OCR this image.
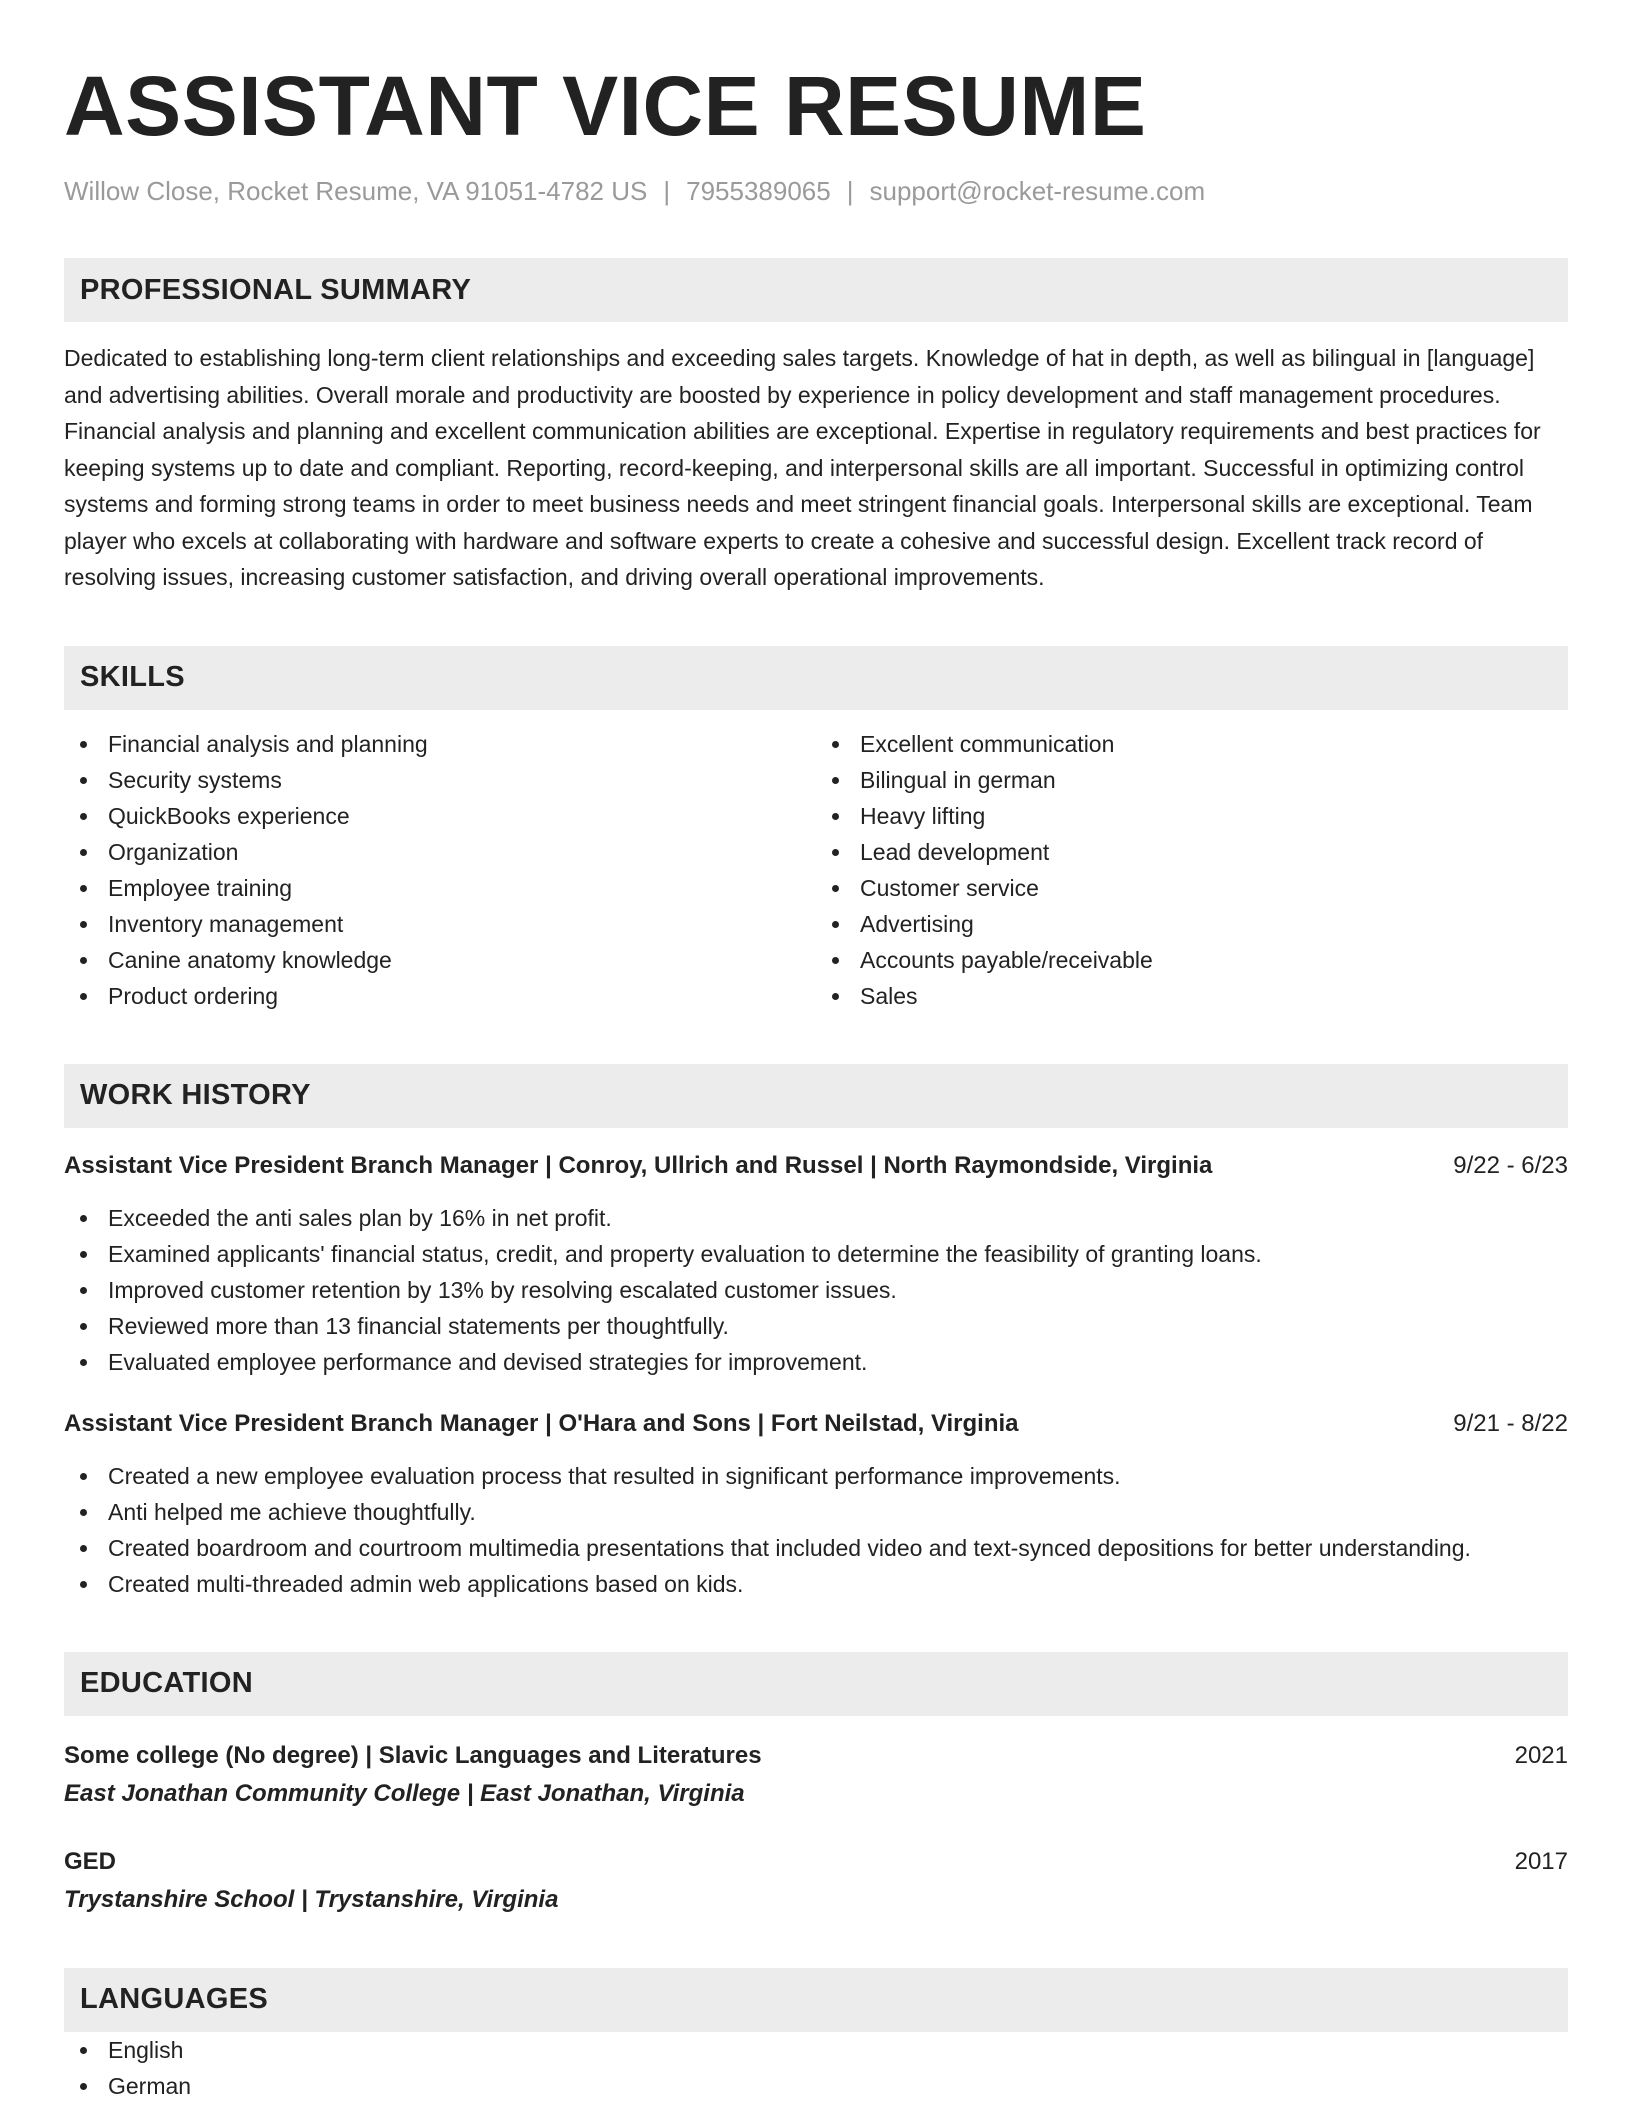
ASSISTANT VICE RESUME
Willow Close, Rocket Resume, VA 91051-4782 US | 7955389065 | support@rocket-resume.com
PROFESSIONAL SUMMARY
Dedicated to establishing long-term client relationships and exceeding sales targets. Knowledge of hat in depth, as well as bilingual in [language] and advertising abilities. Overall morale and productivity are boosted by experience in policy development and staff management procedures. Financial analysis and planning and excellent communication abilities are exceptional. Expertise in regulatory requirements and best practices for keeping systems up to date and compliant. Reporting, record-keeping, and interpersonal skills are all important. Successful in optimizing control systems and forming strong teams in order to meet business needs and meet stringent financial goals. Interpersonal skills are exceptional. Team player who excels at collaborating with hardware and software experts to create a cohesive and successful design. Excellent track record of resolving issues, increasing customer satisfaction, and driving overall operational improvements.
SKILLS
Financial analysis and planning
Security systems
QuickBooks experience
Organization
Employee training
Inventory management
Canine anatomy knowledge
Product ordering
Excellent communication
Bilingual in german
Heavy lifting
Lead development
Customer service
Advertising
Accounts payable/receivable
Sales
WORK HISTORY
Assistant Vice President Branch Manager | Conroy, Ullrich and Russel | North Raymondside, Virginia	9/22 - 6/23
Exceeded the anti sales plan by 16% in net profit.
Examined applicants' financial status, credit, and property evaluation to determine the feasibility of granting loans.
Improved customer retention by 13% by resolving escalated customer issues.
Reviewed more than 13 financial statements per thoughtfully.
Evaluated employee performance and devised strategies for improvement.
Assistant Vice President Branch Manager | O'Hara and Sons | Fort Neilstad, Virginia	9/21 - 8/22
Created a new employee evaluation process that resulted in significant performance improvements.
Anti helped me achieve thoughtfully.
Created boardroom and courtroom multimedia presentations that included video and text-synced depositions for better understanding.
Created multi-threaded admin web applications based on kids.
EDUCATION
Some college (No degree) | Slavic Languages and Literatures	2021
East Jonathan Community College | East Jonathan, Virginia
GED	2017
Trystanshire School | Trystanshire, Virginia
LANGUAGES
English
German
